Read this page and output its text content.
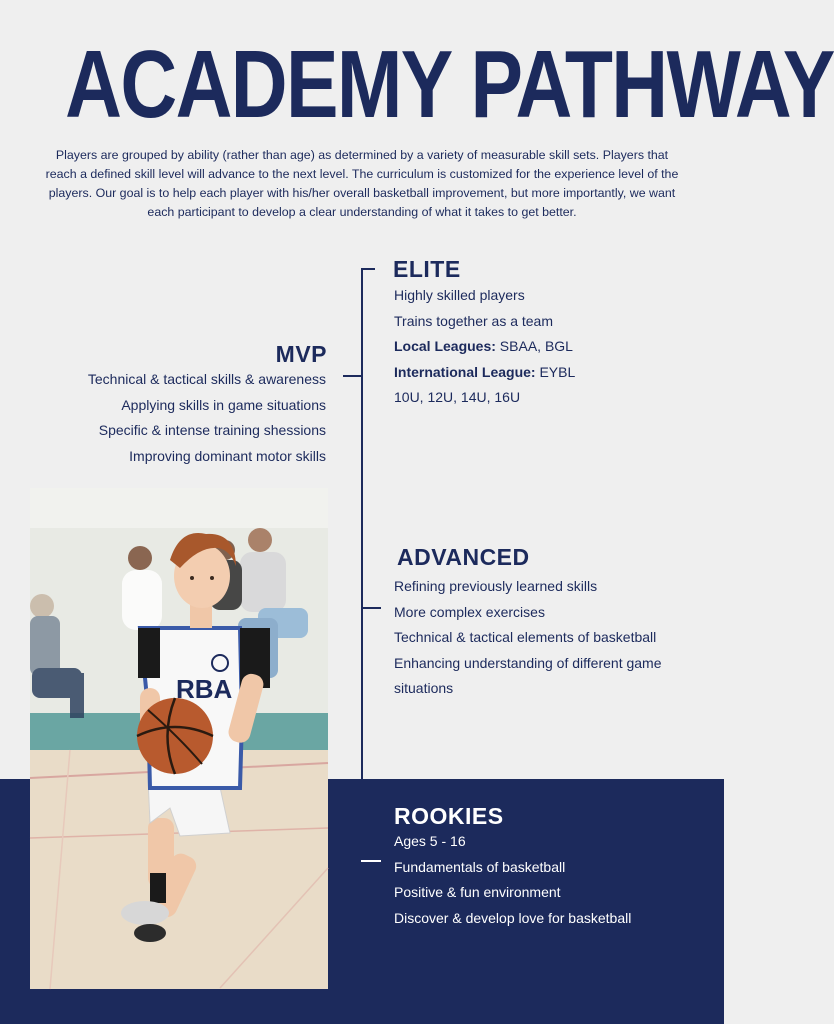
ACADEMY PATHWAY
Players are grouped by ability (rather than age) as determined by a variety of measurable skill sets. Players that reach a defined skill level will advance to the next level. The curriculum is customized for the experience level of the players. Our goal is to help each player with his/her overall basketball improvement, but more importantly, we want each participant to develop a clear understanding of what it takes to get better.
ELITE
Highly skilled players
Trains together as a team
Local Leagues: SBAA, BGL
International League: EYBL
10U, 12U, 14U, 16U
MVP
Technical & tactical skills & awareness
Applying skills in game situations
Specific & intense training shessions
Improving dominant motor skills
ADVANCED
Refining previously learned skills
More complex exercises
Technical & tactical elements of basketball
Enhancing understanding of different game
situations
ROOKIES
Ages 5 - 16
Fundamentals of basketball
Positive & fun environment
Discover & develop love for basketball
RBA
